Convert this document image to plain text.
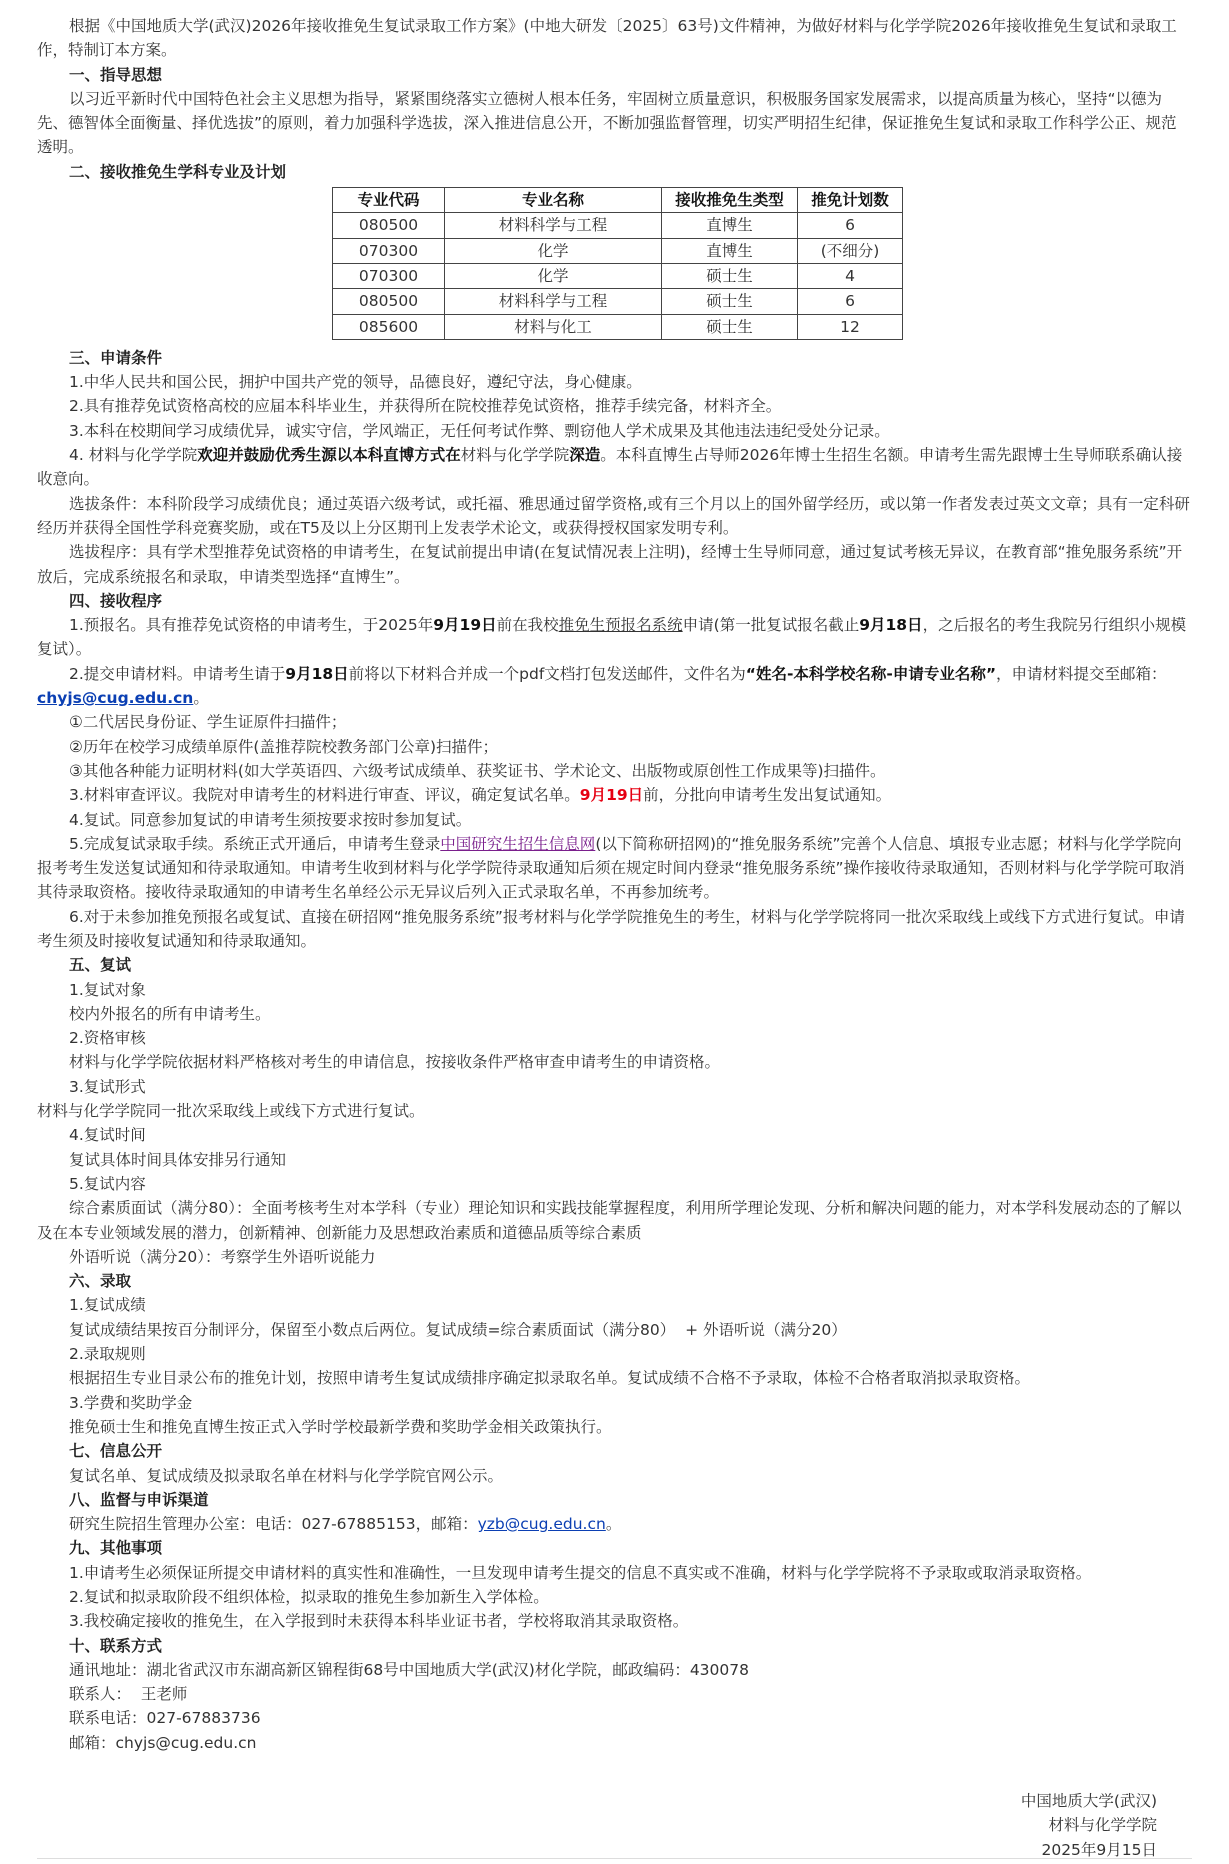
根据《中国地质大学(武汉)2026年接收推免生复试录取工作方案》(中地大研发〔2025〕63号)文件精神，为做好材料与化学学院2026年接收推免生复试和录取工作，特制订本方案。
一、指导思想
以习近平新时代中国特色社会主义思想为指导，紧紧围绕落实立德树人根本任务，牢固树立质量意识，积极服务国家发展需求，以提高质量为核心，坚持“以德为先、德智体全面衡量、择优选拔”的原则，着力加强科学选拔，深入推进信息公开，不断加强监督管理，切实严明招生纪律，保证推免生复试和录取工作科学公正、规范透明。
二、接收推免生学科专业及计划
专业代码	专业名称	接收推免生类型	推免计划数
080500	材料科学与工程	直博生	6
070300	化学	直博生	(不细分)
070300	化学	硕士生	4
080500	材料科学与工程	硕士生	6
085600	材料与化工	硕士生	12
三、申请条件
1.中华人民共和国公民，拥护中国共产党的领导，品德良好，遵纪守法，身心健康。
2.具有推荐免试资格高校的应届本科毕业生，并获得所在院校推荐免试资格，推荐手续完备，材料齐全。
3.本科在校期间学习成绩优异，诚实守信，学风端正，无任何考试作弊、剽窃他人学术成果及其他违法违纪受处分记录。
4. 材料与化学学院欢迎并鼓励优秀生源以本科直博方式在材料与化学学院深造。本科直博生占导师2026年博士生招生名额。申请考生需先跟博士生导师联系确认接收意向。
选拔条件：本科阶段学习成绩优良；通过英语六级考试，或托福、雅思通过留学资格,或有三个月以上的国外留学经历，或以第一作者发表过英文文章；具有一定科研经历并获得全国性学科竞赛奖励，或在T5及以上分区期刊上发表学术论文，或获得授权国家发明专利。
选拔程序：具有学术型推荐免试资格的申请考生，在复试前提出申请(在复试情况表上注明)，经博士生导师同意，通过复试考核无异议，在教育部“推免服务系统”开放后，完成系统报名和录取，申请类型选择“直博生”。
四、接收程序
1.预报名。具有推荐免试资格的申请考生，于2025年9月19日前在我校推免生预报名系统申请(第一批复试报名截止9月18日，之后报名的考生我院另行组织小规模复试）。
2.提交申请材料。申请考生请于9月18日前将以下材料合并成一个pdf文档打包发送邮件，文件名为“姓名-本科学校名称-申请专业名称”，申请材料提交至邮箱：chyjs@cug.edu.cn。
①二代居民身份证、学生证原件扫描件；
②历年在校学习成绩单原件(盖推荐院校教务部门公章)扫描件；
③其他各种能力证明材料(如大学英语四、六级考试成绩单、获奖证书、学术论文、出版物或原创性工作成果等)扫描件。
3.材料审查评议。我院对申请考生的材料进行审查、评议，确定复试名单。9月19日前，分批向申请考生发出复试通知。
4.复试。同意参加复试的申请考生须按要求按时参加复试。
5.完成复试录取手续。系统正式开通后，申请考生登录中国研究生招生信息网(以下简称研招网)的“推免服务系统”完善个人信息、填报专业志愿；材料与化学学院向报考考生发送复试通知和待录取通知。申请考生收到材料与化学学院待录取通知后须在规定时间内登录“推免服务系统”操作接收待录取通知，否则材料与化学学院可取消其待录取资格。接收待录取通知的申请考生名单经公示无异议后列入正式录取名单，不再参加统考。
6.对于未参加推免预报名或复试、直接在研招网“推免服务系统”报考材料与化学学院推免生的考生，材料与化学学院将同一批次采取线上或线下方式进行复试。申请考生须及时接收复试通知和待录取通知。
五、复试
1.复试对象
校内外报名的所有申请考生。
2.资格审核
材料与化学学院依据材料严格核对考生的申请信息，按接收条件严格审查申请考生的申请资格。
3.复试形式
材料与化学学院同一批次采取线上或线下方式进行复试。
4.复试时间
复试具体时间具体安排另行通知
5.复试内容
综合素质面试（满分80）：全面考核考生对本学科（专业）理论知识和实践技能掌握程度，利用所学理论发现、分析和解决问题的能力，对本学科发展动态的了解以及在本专业领域发展的潜力，创新精神、创新能力及思想政治素质和道德品质等综合素质
外语听说（满分20）：考察学生外语听说能力
六、录取
1.复试成绩
复试成绩结果按百分制评分，保留至小数点后两位。复试成绩=综合素质面试（满分80）  + 外语听说（满分20）
2.录取规则
根据招生专业目录公布的推免计划，按照申请考生复试成绩排序确定拟录取名单。复试成绩不合格不予录取，体检不合格者取消拟录取资格。
3.学费和奖助学金
推免硕士生和推免直博生按正式入学时学校最新学费和奖助学金相关政策执行。
七、信息公开
复试名单、复试成绩及拟录取名单在材料与化学学院官网公示。
八、监督与申诉渠道
研究生院招生管理办公室：电话：027-67885153，邮箱：yzb@cug.edu.cn。
九、其他事项
1.申请考生必须保证所提交申请材料的真实性和准确性，一旦发现申请考生提交的信息不真实或不准确，材料与化学学院将不予录取或取消录取资格。
2.复试和拟录取阶段不组织体检，拟录取的推免生参加新生入学体检。
3.我校确定接收的推免生，在入学报到时未获得本科毕业证书者，学校将取消其录取资格。
十、联系方式
通讯地址：湖北省武汉市东湖高新区锦程街68号中国地质大学(武汉)材化学院，邮政编码：430078
联系人：  王老师
联系电话：027-67883736
邮箱：chyjs@cug.edu.cn
中国地质大学(武汉)
材料与化学学院
2025年9月15日
